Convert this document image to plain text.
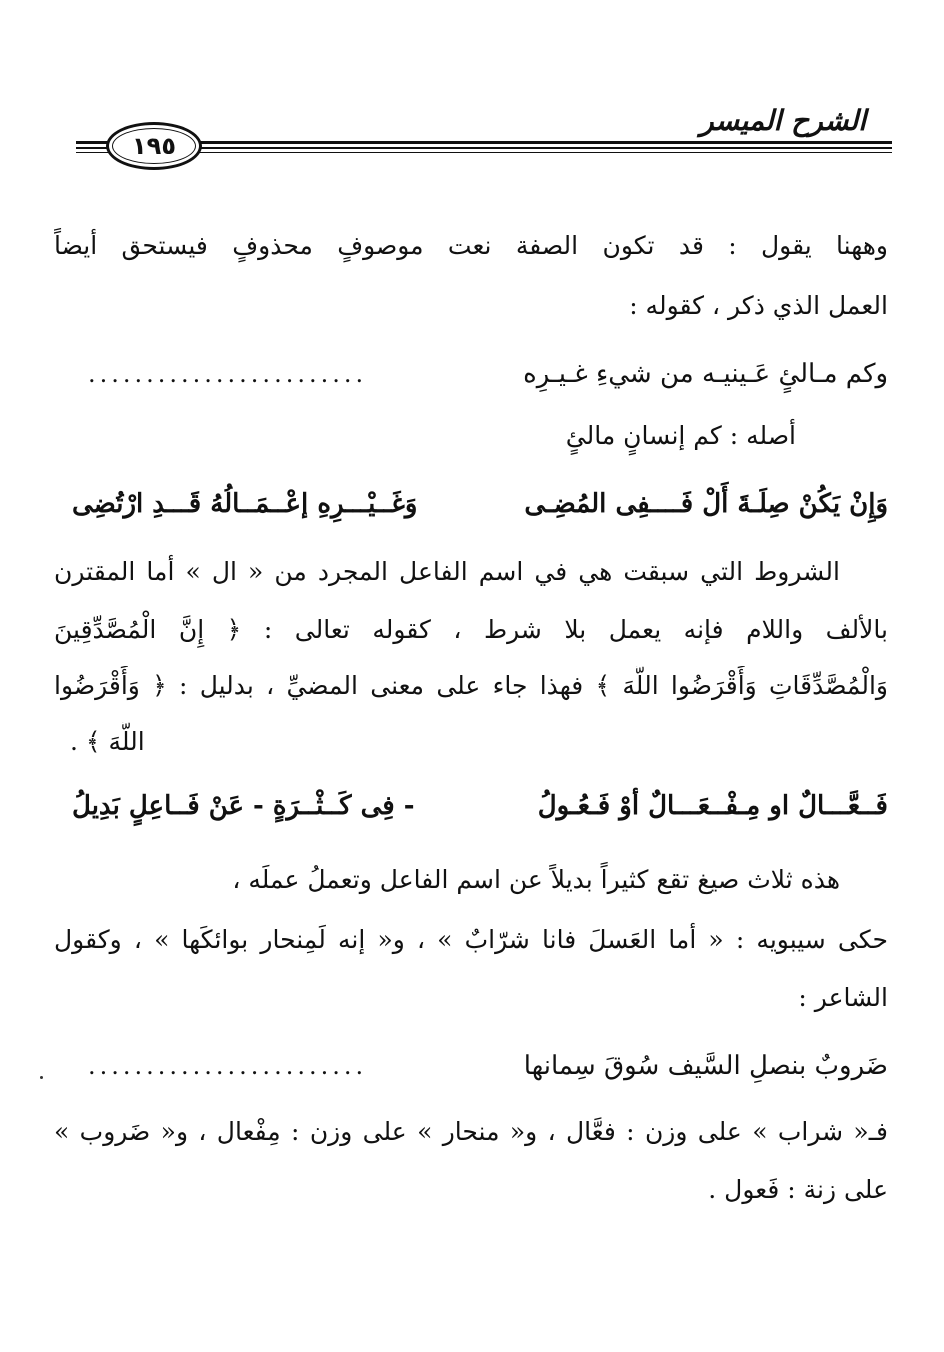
الشرح الميسر
١٩٥
وههنا يقول : قد تكون الصفة نعت موصوفٍ محذوفٍ فيستحق أيضاً
العمل الذي ذكر ، كقوله :
وكم مـالئٍ عَـينيـه من شيءِ غـيـرِه
........................
أصله : كم إنسانٍ مالئٍ
وَإِنْ يَكُنْ صِلَـةَ أَلْ فَــــفِى المُضِـى
وَغَــيْـــرِهِ إعْــمَــالُهُ قَـــدِ ارْتُضِى
الشروط التي سبقت هي في اسم الفاعل المجرد من « ال » أما المقترن
بالألف واللام فإنه يعمل بلا شرط ، كقوله تعالى : ﴿ إِنَّ الْمُصَّدِّقِينَ
وَالْمُصَّدِّقَاتِ وَأَقْرَضُوا اللَّهَ ﴾ فهذا جاء على معنى المضيِّ ، بدليل : ﴿ وَأَقْرَضُوا
اللَّهَ ﴾ .
فَــعَّـــالٌ او مِـفْــعَـــالٌ أوْ فَـعُـولُ
- فِى كَــثْــرَةٍ - عَنْ فَــاعِلٍ بَدِيلُ
هذه ثلاث صيغ تقع كثيراً بديلاً عن اسم الفاعل وتعملُ عملَه ،
حكى سيبويه : « أما العَسلَ فانا شرّابٌ » ، و« إنه لَمِنحار بوائكَها » ، وكقول
الشاعر :
ضَروبٌ بنصلِ السَّيف سُوقَ سِمانها
........................
فـ« شراب » على وزن : فعَّال ، و« منحار » على وزن : مِفْعال ، و« ضَروب »
على زنة : فَعول .
